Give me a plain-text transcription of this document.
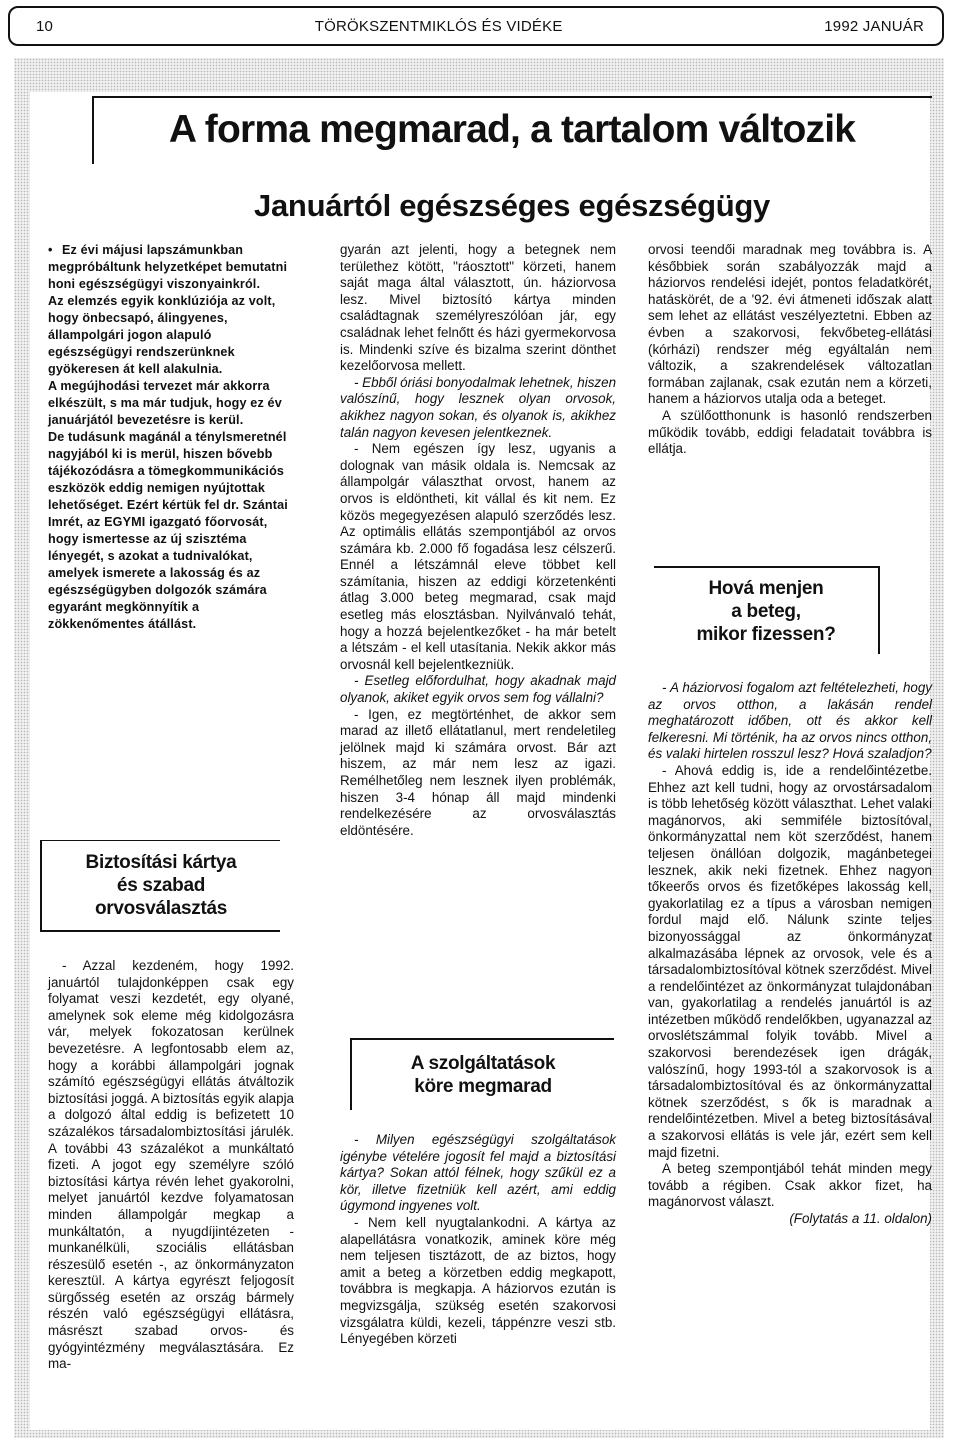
10	TÖRÖKSZENTMIKLÓS ÉS VIDÉKE	1992 JANUÁR
A forma megmarad, a tartalom változik
Januártól egészséges egészségügy

• Ez évi májusi lapszámunkban megpróbáltunk helyzetképet bemutatni honi egészségügyi viszonyainkról.

Az elemzés egyik konklúziója az volt, hogy önbecsapó, álingyenes, állampolgári jogon alapuló egészségügyi rendszerünknek gyökeresen át kell alakulnia.

A megújhodási tervezet már akkorra elkészült, s ma már tudjuk, hogy ez év januárjától bevezetésre is kerül.

De tudásunk magánál a ténylsmeretnél nagyjából ki is merül, hiszen bővebb tájékozódásra a tömegkommunikációs eszközök eddig nemigen nyújtottak lehetőséget. Ezért kértük fel dr. Szántai Imrét, az EGYMI igazgató főorvosát, hogy ismertesse az új szisztéma lényegét, s azokat a tudnivalókat, amelyek ismerete a lakosság és az egészségügyben dolgozók számára egyaránt megkönnyítik a zökkenőmentes átállást.

Biztosítási kártya
és szabad
orvosválasztás

- Azzal kezdeném, hogy 1992. januártól tulajdonképpen csak egy folyamat veszi kezdetét, egy olyané, amelynek sok eleme még kidolgozásra vár, melyek fokozatosan kerülnek bevezetésre. A legfontosabb elem az, hogy a korábbi állampolgári jognak számító egészségügyi ellátás átváltozik biztosítási joggá. A biztosítás egyik alapja a dolgozó által eddig is befizetett 10 százalékos társadalombiztosítási járulék. A további 43 százalékot a munkáltató fizeti. A jogot egy személyre szóló biztosítási kártya révén lehet gyakorolni, melyet januártól kezdve folyamatosan minden állampolgár megkap a munkáltatón, a nyugdíjintézeten - munkanélküli, szociális ellátásban részesülő esetén -, az önkormányzaton keresztül. A kártya egyrészt feljogosít sürgősség esetén az ország bármely részén való egészségügyi ellátásra, másrészt szabad orvos- és gyógyintézmény megválasztására. Ez ma-

gyarán azt jelenti, hogy a betegnek nem területhez kötött, "ráosztott" körzeti, hanem saját maga által választott, ún. háziorvosa lesz. Mivel biztosító kártya minden családtagnak személyreszólóan jár, egy családnak lehet felnőtt és házi gyermekorvosa is. Mindenki szíve és bizalma szerint dönthet kezelőorvosa mellett.

- Ebből óriási bonyodalmak lehetnek, hiszen valószínű, hogy lesznek olyan orvosok, akikhez nagyon sokan, és olyanok is, akikhez talán nagyon kevesen jelentkeznek.

- Nem egészen így lesz, ugyanis a dolognak van másik oldala is. Nemcsak az állampolgár választhat orvost, hanem az orvos is eldöntheti, kit vállal és kit nem. Ez közös megegyezésen alapuló szerződés lesz. Az optimális ellátás szempontjából az orvos számára kb. 2.000 fő fogadása lesz célszerű. Ennél a létszámnál eleve többet kell számítania, hiszen az eddigi körzetenkénti átlag 3.000 beteg megmarad, csak majd esetleg más elosztásban. Nyilvánvaló tehát, hogy a hozzá bejelentkezőket - ha már betelt a létszám - el kell utasítania. Nekik akkor más orvosnál kell bejelentkezniük.

- Esetleg előfordulhat, hogy akadnak majd olyanok, akiket egyik orvos sem fog vállalni?

- Igen, ez megtörténhet, de akkor sem marad az illető ellátatlanul, mert rendeletileg jelölnek majd ki számára orvost. Bár azt hiszem, az már nem lesz az igazi. Remélhetőleg nem lesznek ilyen problémák, hiszen 3-4 hónap áll majd mindenki rendelkezésére az orvosválasztás eldöntésére.

A szolgáltatások
köre megmarad

- Milyen egészségügyi szolgáltatások igénybe vételére jogosít fel majd a biztosítási kártya? Sokan attól félnek, hogy szűkül ez a kör, illetve fizetniük kell azért, ami eddig úgymond ingyenes volt.

- Nem kell nyugtalankodni. A kártya az alapellátásra vonatkozik, aminek köre még nem teljesen tisztázott, de az biztos, hogy amit a beteg a körzetben eddig megkapott, továbbra is megkapja. A háziorvos ezután is megvizsgálja, szükség esetén szakorvosi vizsgálatra küldi, kezeli, táppénzre veszi stb. Lényegében körzeti

orvosi teendői maradnak meg továbbra is. A későbbiek során szabályozzák majd a háziorvos rendelési idejét, pontos feladatkörét, hatáskörét, de a '92. évi átmeneti időszak alatt sem lehet az ellátást veszélyeztetni. Ebben az évben a szakorvosi, fekvőbeteg-ellátási (kórházi) rendszer még egyáltalán nem változik, a szakrendelések változatlan formában zajlanak, csak ezután nem a körzeti, hanem a háziorvos utalja oda a beteget.

A szülőotthonunk is hasonló rendszerben működik tovább, eddigi feladatait továbbra is ellátja.

Hová menjen
a beteg,
mikor fizessen?

- A háziorvosi fogalom azt feltételezheti, hogy az orvos otthon, a lakásán rendel meghatározott időben, ott és akkor kell felkeresni. Mi történik, ha az orvos nincs otthon, és valaki hirtelen rosszul lesz? Hová szaladjon?

- Ahová eddig is, ide a rendelőintézetbe. Ehhez azt kell tudni, hogy az orvostársadalom is több lehetőség között választhat. Lehet valaki magánorvos, aki semmiféle biztosítóval, önkormányzattal nem köt szerződést, hanem teljesen önállóan dolgozik, magánbetegei lesznek, akik neki fizetnek. Ehhez nagyon tőkeerős orvos és fizetőképes lakosság kell, gyakorlatilag ez a típus a városban nemigen fordul majd elő. Nálunk szinte teljes bizonyossággal az önkormányzat alkalmazásába lépnek az orvosok, vele és a társadalombiztosítóval kötnek szerződést. Mivel a rendelőintézet az önkormányzat tulajdonában van, gyakorlatilag a rendelés januártól is az intézetben működő rendelőkben, ugyanazzal az orvoslétszámmal folyik tovább. Mivel a szakorvosi berendezések igen drágák, valószínű, hogy 1993-tól a szakorvosok is a társadalombiztosítóval és az önkormányzattal kötnek szerződést, s ők is maradnak a rendelőintézetben. Mivel a beteg biztosításával a szakorvosi ellátás is vele jár, ezért sem kell majd fizetni.

A beteg szempontjából tehát minden megy tovább a régiben. Csak akkor fizet, ha magánorvost választ.

(Folytatás a 11. oldalon)
